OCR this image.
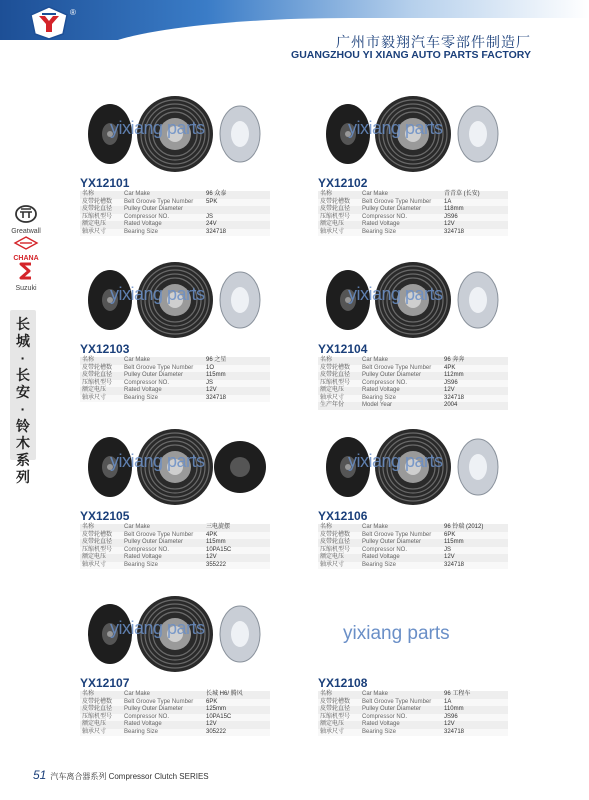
®
YIXIANG
广州市毅翔汽车零部件制造厂
GUANGZHOU YI XIANG AUTO PARTS FACTORY
Greatwall
CHANA
Suzuki
长
城
·
长
安
·
铃
木
系
列
yixiang parts
YX12101
名称	Car Make	96 众泰
皮带轮槽数	Belt Groove Type Number	5PK
皮带轮直径	Pulley Outer Diameter	
压缩机型号	Compressor NO.	JS
额定电压	Rated Voltage	24V
轴承尺寸	Bearing Size	324718
yixiang parts
YX12102
名称	Car Make	青青草 (长安)
皮带轮槽数	Belt Groove Type Number	1A
皮带轮直径	Pulley Outer Diameter	118mm
压缩机型号	Compressor NO.	JS96
额定电压	Rated Voltage	12V
轴承尺寸	Bearing Size	324718
yixiang parts
YX12103
名称	Car Make	96 之星
皮带轮槽数	Belt Groove Type Number	1O
皮带轮直径	Pulley Outer Diameter	115mm
压缩机型号	Compressor NO.	JS
额定电压	Rated Voltage	12V
轴承尺寸	Bearing Size	324718
yixiang parts
YX12104
名称	Car Make	96 奔奔
皮带轮槽数	Belt Groove Type Number	4PK
皮带轮直径	Pulley Outer Diameter	112mm
压缩机型号	Compressor NO.	JS96
额定电压	Rated Voltage	12V
轴承尺寸	Bearing Size	324718
生产年份	Model Year	2004
yixiang parts
YX12105
名称	Car Make	三电旋摆
皮带轮槽数	Belt Groove Type Number	4PK
皮带轮直径	Pulley Outer Diameter	115mm
压缩机型号	Compressor NO.	10PA15C
额定电压	Rated Voltage	12V
轴承尺寸	Bearing Size	355222
yixiang parts
YX12106
名称	Car Make	96 铃瑞 (2012)
皮带轮槽数	Belt Groove Type Number	6PK
皮带轮直径	Pulley Outer Diameter	115mm
压缩机型号	Compressor NO.	JS
额定电压	Rated Voltage	12V
轴承尺寸	Bearing Size	324718
yixiang parts
YX12107
名称	Car Make	长城 H6/ 腾风
皮带轮槽数	Belt Groove Type Number	6PK
皮带轮直径	Pulley Outer Diameter	125mm
压缩机型号	Compressor NO.	10PA15C
额定电压	Rated Voltage	12V
轴承尺寸	Bearing Size	305222
YX12108
名称	Car Make	96 工程车
皮带轮槽数	Belt Groove Type Number	1A
皮带轮直径	Pulley Outer Diameter	110mm
压缩机型号	Compressor NO.	JS96
额定电压	Rated Voltage	12V
轴承尺寸	Bearing Size	324718
yixiang parts
51 汽车离合器系列 Compressor Clutch SERIES
